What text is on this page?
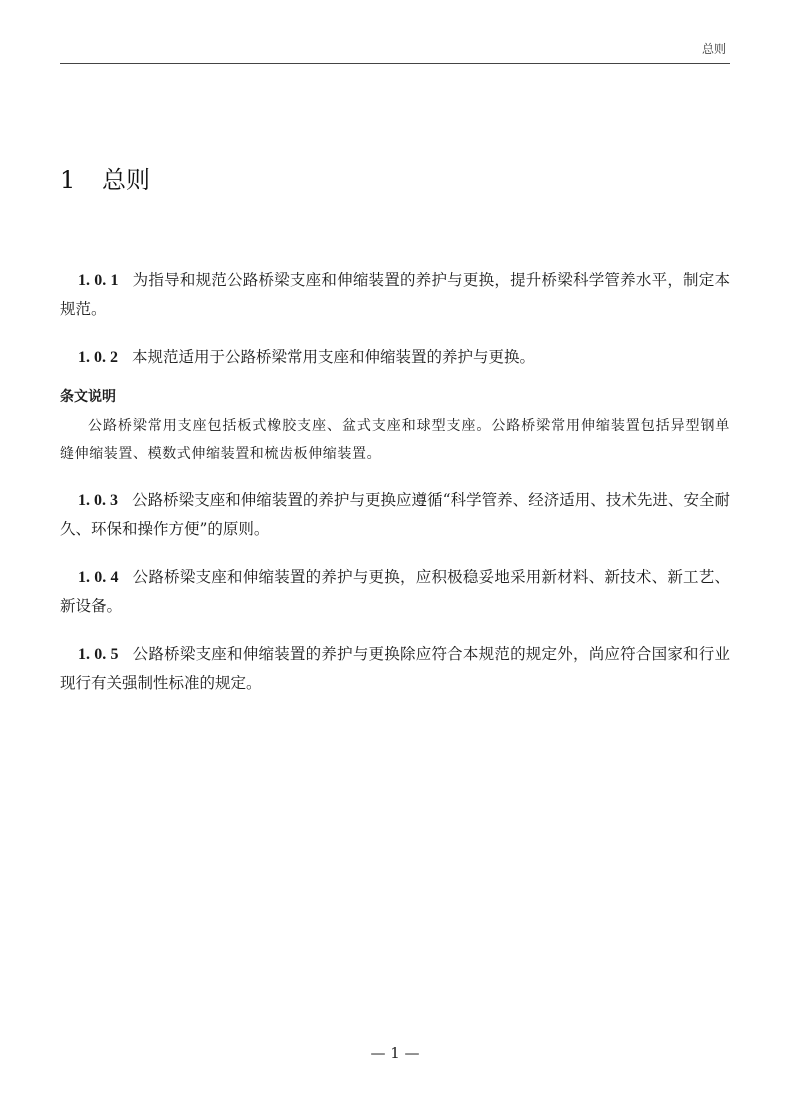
总则
1 总则

1. 0. 1 为指导和规范公路桥梁支座和伸缩装置的养护与更换，提升桥梁科学管养水平，制定本规范。

1. 0. 2 本规范适用于公路桥梁常用支座和伸缩装置的养护与更换。

条文说明

公路桥梁常用支座包括板式橡胶支座、盆式支座和球型支座。公路桥梁常用伸缩装置包括异型钢单缝伸缩装置、模数式伸缩装置和梳齿板伸缩装置。

1. 0. 3 公路桥梁支座和伸缩装置的养护与更换应遵循“科学管养、经济适用、技术先进、安全耐久、环保和操作方便”的原则。

1. 0. 4 公路桥梁支座和伸缩装置的养护与更换，应积极稳妥地采用新材料、新技术、新工艺、新设备。

1. 0. 5 公路桥梁支座和伸缩装置的养护与更换除应符合本规范的规定外，尚应符合国家和行业现行有关强制性标准的规定。

— 1 —
